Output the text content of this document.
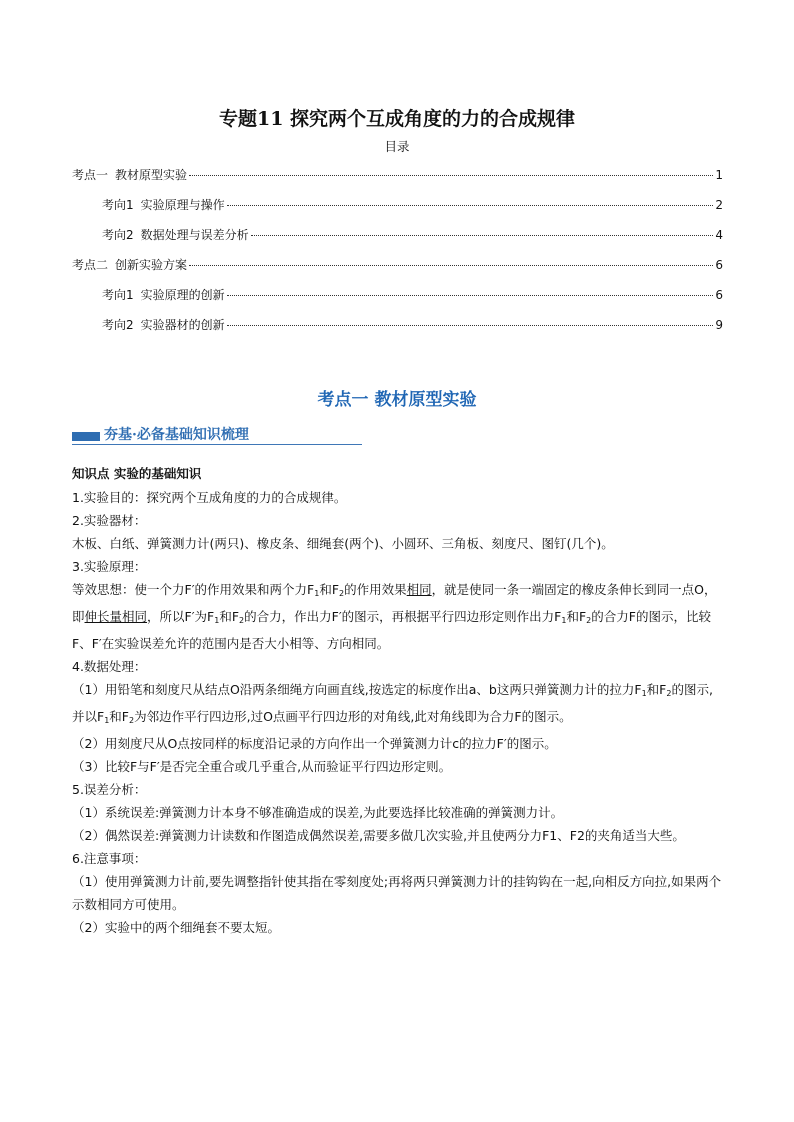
专题11 探究两个互成角度的力的合成规律
目录
考点一 教材原型实验	1
考向1 实验原理与操作	2
考向2 数据处理与误差分析	4
考点二 创新实验方案	6
考向1 实验原理的创新	6
考向2 实验器材的创新	9
考点一 教材原型实验
夯基·必备基础知识梳理

知识点 实验的基础知识

1.实验目的：探究两个互成角度的力的合成规律。

2.实验器材：

木板、白纸、弹簧测力计(两只)、橡皮条、细绳套(两个)、小圆环、三角板、刻度尺、图钉(几个)。

3.实验原理：

等效思想：使一个力F′的作用效果和两个力$F_1$和$F_2$的作用效果相同，就是使同一条一端固定的橡皮条伸长到同一点O，即伸长量相同，所以F′为$F_1$和$F_2$的合力，作出力F′的图示，再根据平行四边形定则作出力$F_1$和$F_2$的合力F的图示，比较F、F′在实验误差允许的范围内是否大小相等、方向相同。

4.数据处理：

（1）用铅笔和刻度尺从结点O沿两条细绳方向画直线,按选定的标度作出a、b这两只弹簧测力计的拉力$F_1$和$F_2$的图示,并以$F_1$和$F_2$为邻边作平行四边形,过O点画平行四边形的对角线,此对角线即为合力F的图示。

（2）用刻度尺从O点按同样的标度沿记录的方向作出一个弹簧测力计c的拉力F′的图示。

（3）比较F与F′是否完全重合或几乎重合,从而验证平行四边形定则。

5.误差分析：

（1）系统误差:弹簧测力计本身不够准确造成的误差,为此要选择比较准确的弹簧测力计。

（2）偶然误差:弹簧测力计读数和作图造成偶然误差,需要多做几次实验,并且使两分力F1、F2的夹角适当大些。

6.注意事项：

（1）使用弹簧测力计前,要先调整指针使其指在零刻度处;再将两只弹簧测力计的挂钩钩在一起,向相反方向拉,如果两个示数相同方可使用。

（2）实验中的两个细绳套不要太短。
